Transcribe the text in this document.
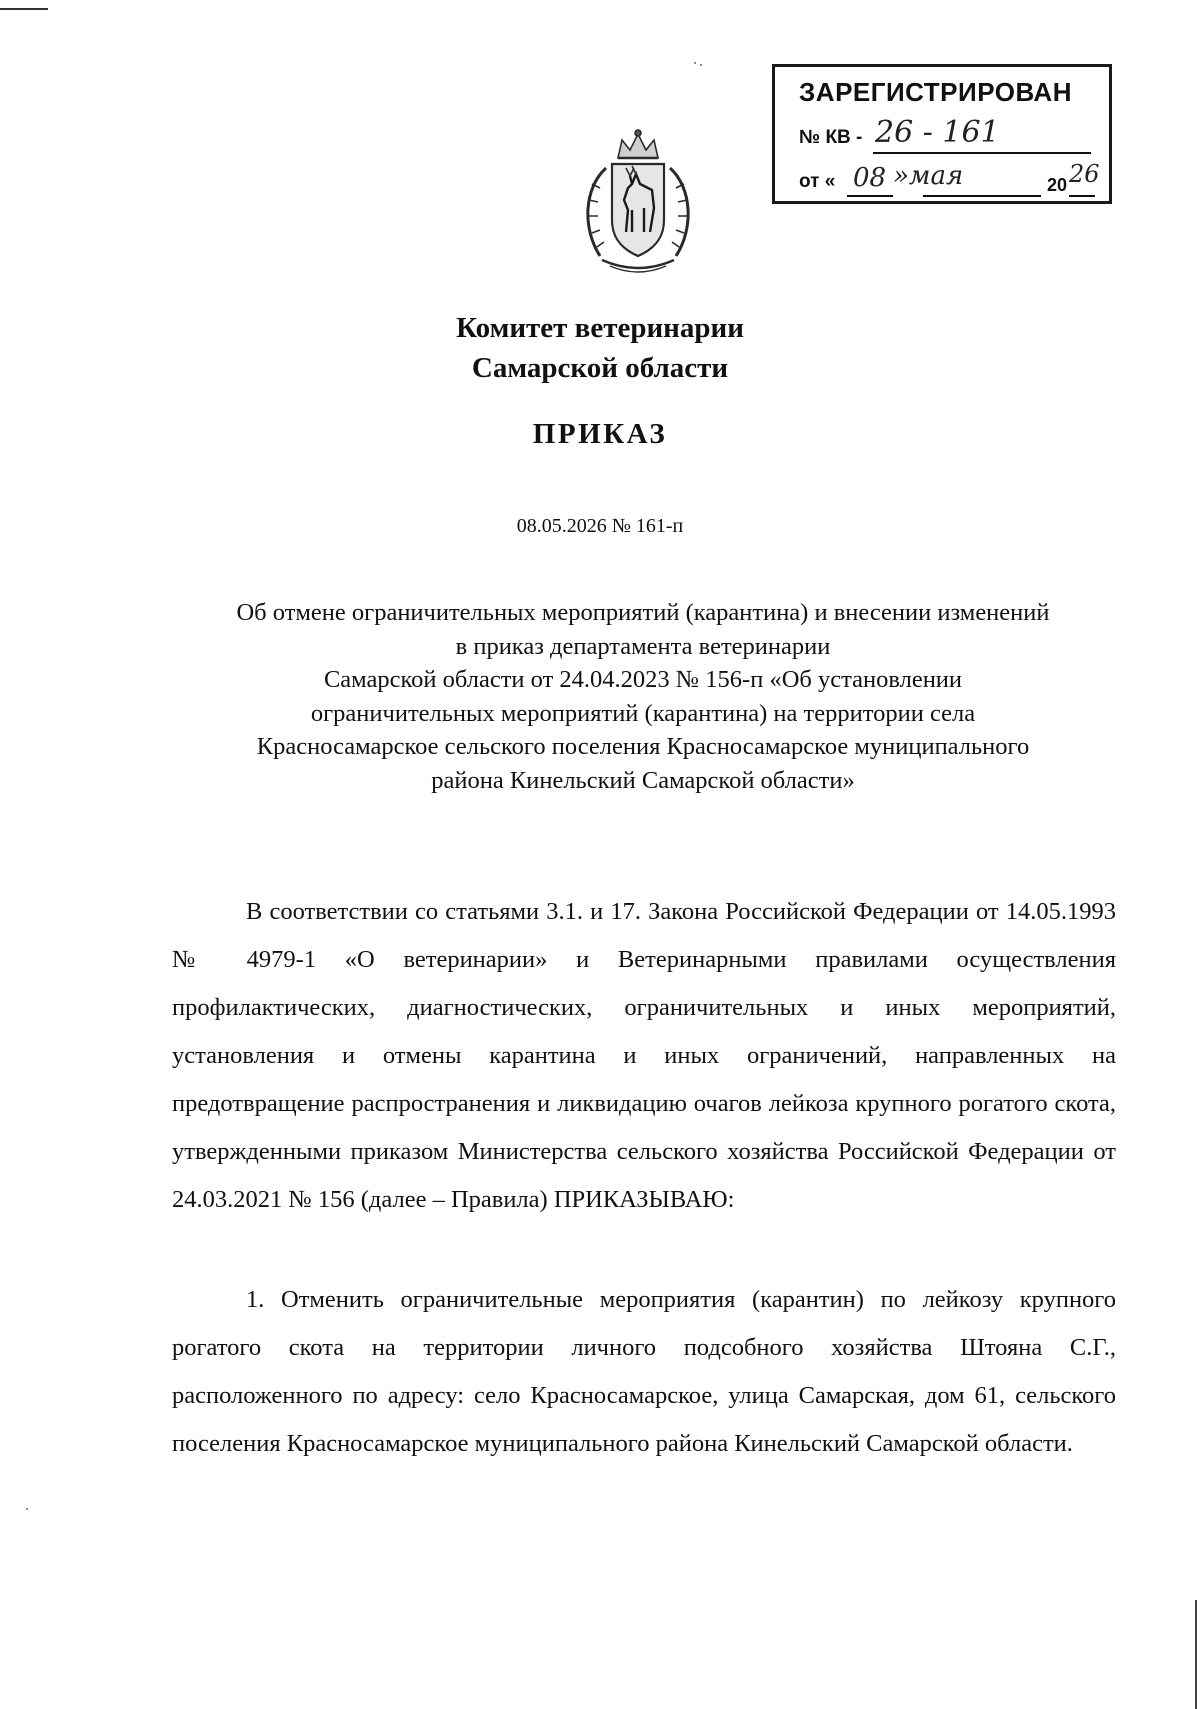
ЗАРЕГИСТРИРОВАН
№ КВ - 26 - 161
от « 08 »мая	20 26
Комитет ветеринарии
Самарской области
ПРИКАЗ
08.05.2026 № 161-п
Об отмене ограничительных мероприятий (карантина) и внесении изменений
в приказ департамента ветеринарии
Самарской области от 24.04.2023 № 156-п «Об установлении
ограничительных мероприятий (карантина) на территории села
Красносамарское сельского поселения Красносамарское муниципального
района Кинельский Самарской области»
В соответствии со статьями 3.1. и 17. Закона Российской Федерации от 14.05.1993 № 4979-1 «О ветеринарии» и Ветеринарными правилами осуществления профилактических, диагностических, ограничительных и иных мероприятий, установления и отмены карантина и иных ограничений, направленных на предотвращение распространения и ликвидацию очагов лейкоза крупного рогатого скота, утвержденными приказом Министерства сельского хозяйства Российской Федерации от 24.03.2021 № 156 (далее – Правила) ПРИКАЗЫВАЮ:
1. Отменить ограничительные мероприятия (карантин) по лейкозу крупного рогатого скота на территории личного подсобного хозяйства Штояна С.Г., расположенного по адресу: село Красносамарское, улица Самарская, дом 61, сельского поселения Красносамарское муниципального района Кинельский Самарской области.
